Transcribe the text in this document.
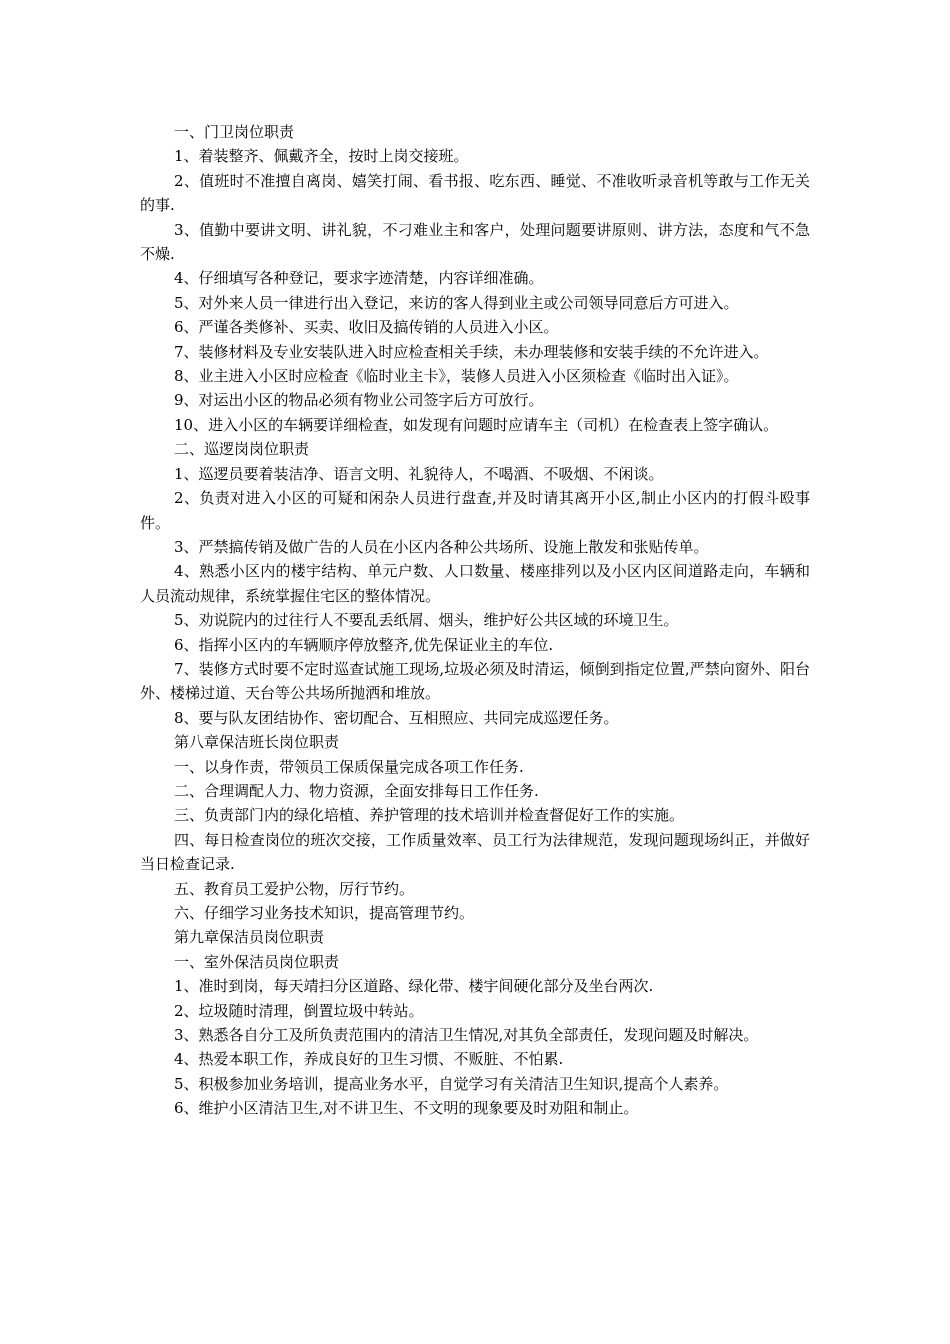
一、门卫岗位职责

1、着装整齐、佩戴齐全，按时上岗交接班。

2、值班时不准擅自离岗、嬉笑打闹、看书报、吃东西、睡觉、不准收听录音机等敢与工作无关的事.

3、值勤中要讲文明、讲礼貌，不刁难业主和客户，处理问题要讲原则、讲方法，态度和气不急不燥.

4、仔细填写各种登记，要求字迹清楚，内容详细准确。

5、对外来人员一律进行出入登记，来访的客人得到业主或公司领导同意后方可进入。

6、严谨各类修补、买卖、收旧及搞传销的人员进入小区。

7、装修材料及专业安装队进入时应检查相关手续，未办理装修和安装手续的不允许进入。

8、业主进入小区时应检查《临时业主卡》，装修人员进入小区须检查《临时出入证》。

9、对运出小区的物品必须有物业公司签字后方可放行。

10、进入小区的车辆要详细检查，如发现有问题时应请车主（司机）在检查表上签字确认。

二、巡逻岗岗位职责

1、巡逻员要着装洁净、语言文明、礼貌待人，不喝酒、不吸烟、不闲谈。

2、负责对进入小区的可疑和闲杂人员进行盘查,并及时请其离开小区,制止小区内的打假斗殴事件。

3、严禁搞传销及做广告的人员在小区内各种公共场所、设施上散发和张贴传单。

4、熟悉小区内的楼宇结构、单元户数、人口数量、楼座排列以及小区内区间道路走向，车辆和人员流动规律，系统掌握住宅区的整体情况。

5、劝说院内的过往行人不要乱丢纸屑、烟头，维护好公共区域的环境卫生。

6、指挥小区内的车辆顺序停放整齐,优先保证业主的车位.

7、装修方式时要不定时巡查试施工现场,垃圾必须及时清运，倾倒到指定位置,严禁向窗外、阳台外、楼梯过道、天台等公共场所抛洒和堆放。

8、要与队友团结协作、密切配合、互相照应、共同完成巡逻任务。

第八章保洁班长岗位职责

一、以身作责，带领员工保质保量完成各项工作任务.

二、合理调配人力、物力资源，全面安排每日工作任务.

三、负责部门内的绿化培植、养护管理的技术培训并检查督促好工作的实施。

四、每日检查岗位的班次交接，工作质量效率、员工行为法律规范，发现问题现场纠正，并做好当日检查记录.

五、教育员工爱护公物，厉行节约。

六、仔细学习业务技术知识，提高管理节约。

第九章保洁员岗位职责

一、室外保洁员岗位职责

1、准时到岗，每天靖扫分区道路、绿化带、楼宇间硬化部分及坐台两次.

2、垃圾随时清理，倒置垃圾中转站。

3、熟悉各自分工及所负责范围内的清洁卫生情况,对其负全部责任，发现问题及时解决。

4、热爱本职工作，养成良好的卫生习惯、不贩脏、不怕累.

5、积极参加业务培训，提高业务水平，自觉学习有关清洁卫生知识,提高个人素养。

6、维护小区清洁卫生,对不讲卫生、不文明的现象要及时劝阻和制止。
